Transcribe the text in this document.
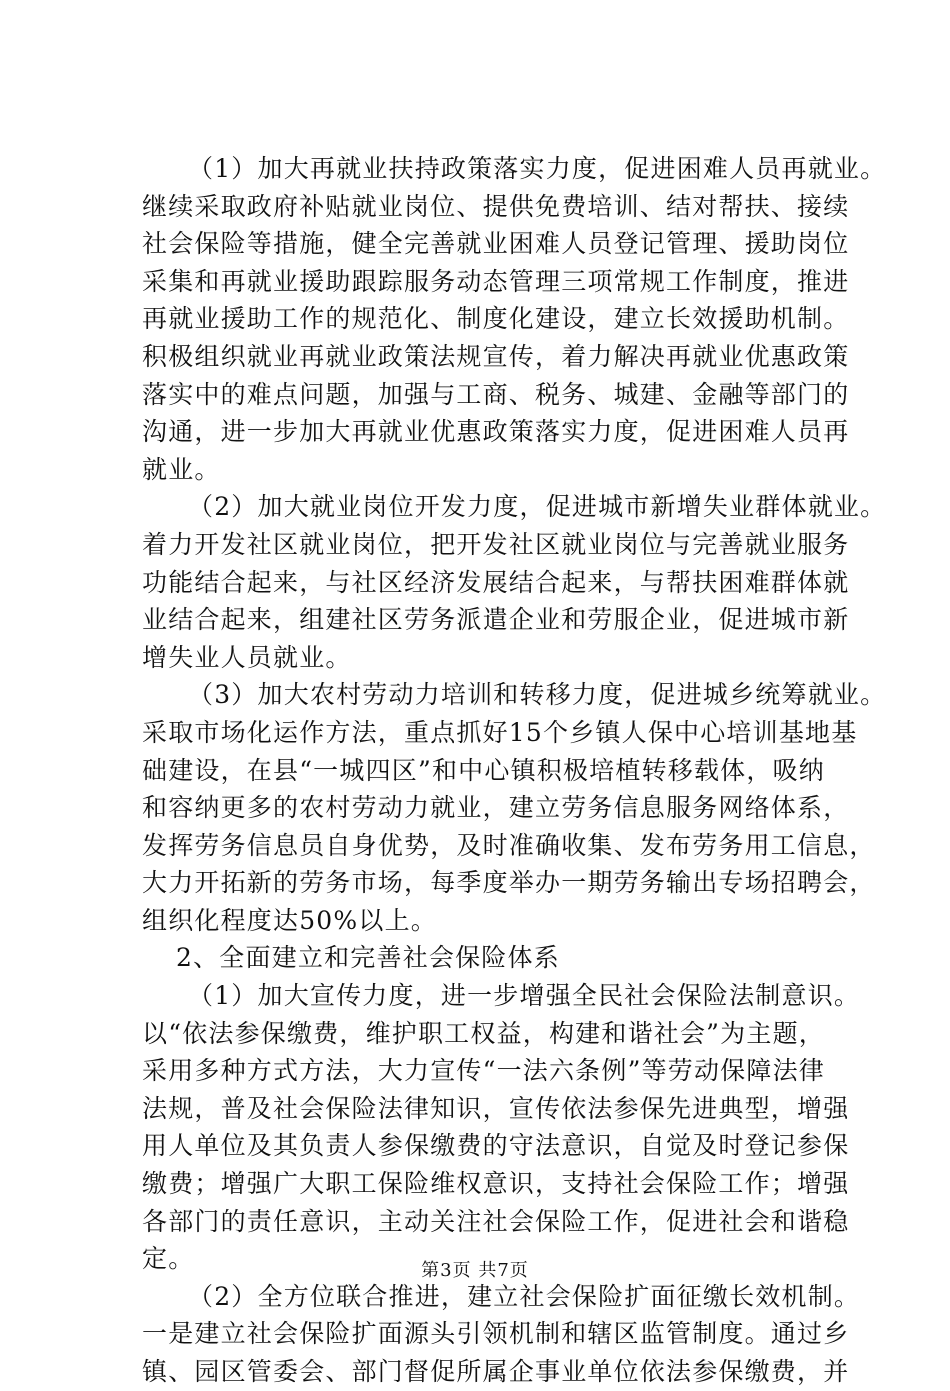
（1）加大再就业扶持政策落实力度，促进困难人员再就业。
继续采取政府补贴就业岗位、提供免费培训、结对帮扶、接续
社会保险等措施，健全完善就业困难人员登记管理、援助岗位
采集和再就业援助跟踪服务动态管理三项常规工作制度，推进
再就业援助工作的规范化、制度化建设，建立长效援助机制。
积极组织就业再就业政策法规宣传，着力解决再就业优惠政策
落实中的难点问题，加强与工商、税务、城建、金融等部门的
沟通，进一步加大再就业优惠政策落实力度，促进困难人员再
就业。
（2）加大就业岗位开发力度，促进城市新增失业群体就业。
着力开发社区就业岗位，把开发社区就业岗位与完善就业服务
功能结合起来，与社区经济发展结合起来，与帮扶困难群体就
业结合起来，组建社区劳务派遣企业和劳服企业，促进城市新
增失业人员就业。
（3）加大农村劳动力培训和转移力度，促进城乡统筹就业。
采取市场化运作方法，重点抓好15个乡镇人保中心培训基地基
础建设，在县“一城四区”和中心镇积极培植转移载体，吸纳
和容纳更多的农村劳动力就业，建立劳务信息服务网络体系，
发挥劳务信息员自身优势，及时准确收集、发布劳务用工信息，
大力开拓新的劳务市场，每季度举办一期劳务输出专场招聘会，
组织化程度达50%以上。
2、全面建立和完善社会保险体系
（1）加大宣传力度，进一步增强全民社会保险法制意识。
以“依法参保缴费，维护职工权益，构建和谐社会”为主题，
采用多种方式方法，大力宣传“一法六条例”等劳动保障法律
法规，普及社会保险法律知识，宣传依法参保先进典型，增强
用人单位及其负责人参保缴费的守法意识，自觉及时登记参保
缴费；增强广大职工保险维权意识，支持社会保险工作；增强
各部门的责任意识，主动关注社会保险工作，促进社会和谐稳
定。
（2）全方位联合推进，建立社会保险扩面征缴长效机制。
一是建立社会保险扩面源头引领机制和辖区监管制度。通过乡
镇、园区管委会、部门督促所属企事业单位依法参保缴费，并
第3页 共7页
